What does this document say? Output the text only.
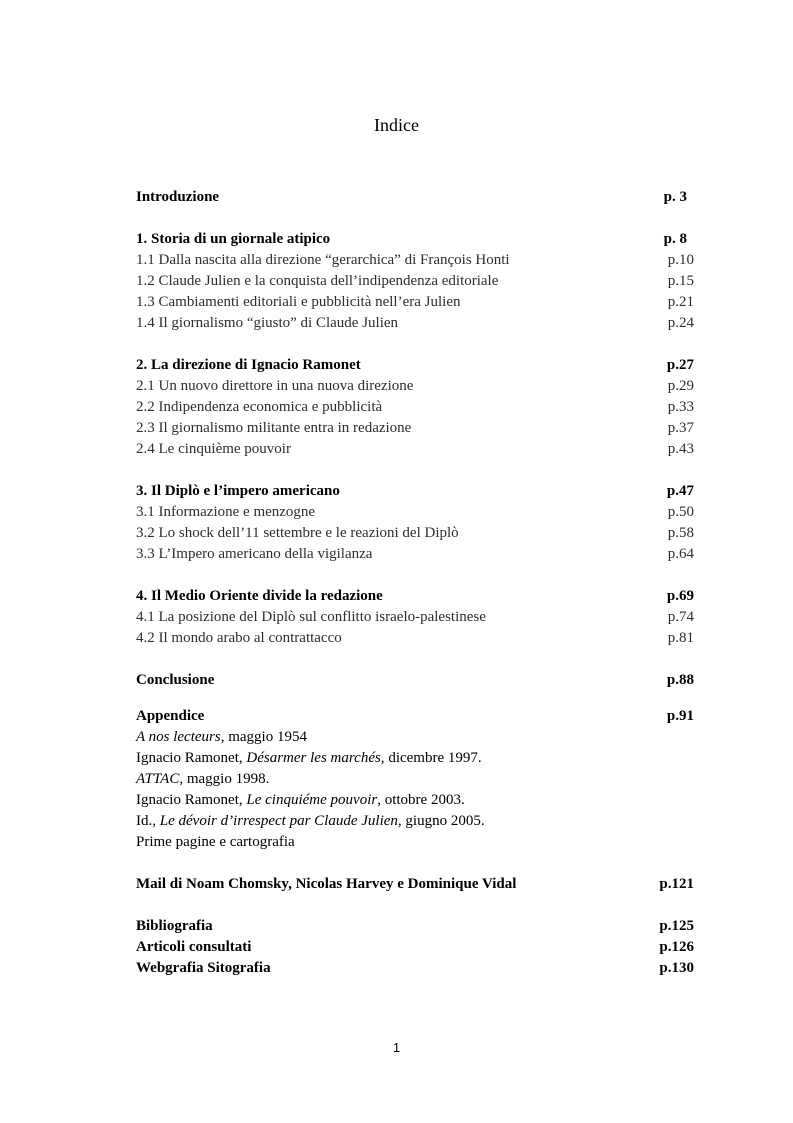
Indice
Introduzione	p. 3
1. Storia di un giornale atipico	p. 8
1.1 Dalla nascita alla direzione “gerarchica” di François Honti	p.10
1.2 Claude Julien e la conquista dell’indipendenza editoriale	p.15
1.3 Cambiamenti editoriali e pubblicità nell’era Julien	p.21
1.4 Il giornalismo “giusto” di Claude Julien	p.24
2. La direzione di Ignacio Ramonet	p.27
2.1 Un nuovo direttore in una nuova direzione	p.29
2.2 Indipendenza economica e pubblicità	p.33
2.3 Il giornalismo militante entra in redazione	p.37
2.4 Le cinquième pouvoir	p.43
3. Il Diplò e l’impero americano	p.47
3.1 Informazione e menzogne	p.50
3.2 Lo shock dell’11 settembre e le reazioni del Diplò	p.58
3.3 L’Impero americano della vigilanza	p.64
4. Il Medio Oriente divide la redazione	p.69
4.1 La posizione del Diplò sul conflitto israelo-palestinese	p.74
4.2 Il mondo arabo al contrattacco	p.81
Conclusione	p.88
Appendice	p.91
A nos lecteurs, maggio 1954
Ignacio Ramonet, Désarmer les marchés, dicembre 1997.
ATTAC, maggio 1998.
Ignacio Ramonet, Le cinquiéme pouvoir, ottobre 2003.
Id., Le dévoir d’irrespect par Claude Julien, giugno 2005.
Prime pagine e cartografia
Mail di Noam Chomsky, Nicolas Harvey e Dominique Vidal	p.121
Bibliografia	p.125
Articoli consultati	p.126
Webgrafia Sitografia	p.130
1
